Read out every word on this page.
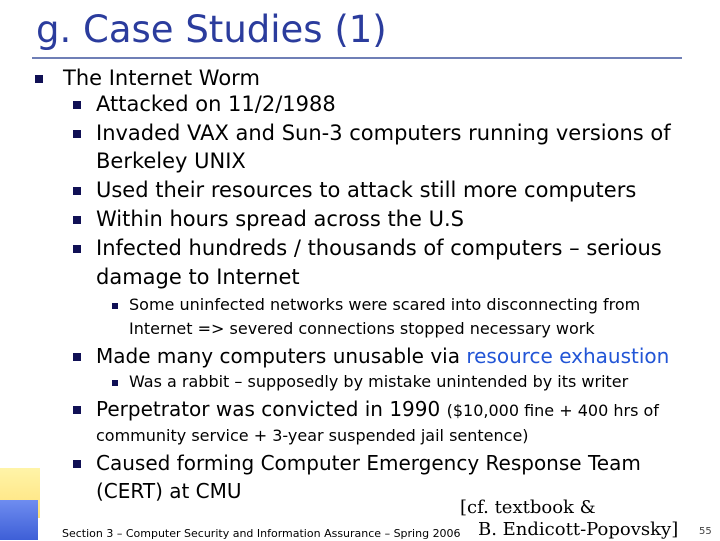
g. Case Studies (1)
The Internet Worm
Attacked on 11/2/1988
Invaded VAX and Sun-3 computers running versions of
Berkeley UNIX
Used their resources to attack still more computers
Within hours spread across the U.S
Infected hundreds / thousands of computers – serious
damage to Internet
Some uninfected networks were scared into disconnecting from
Internet => severed connections stopped necessary work
Made many computers unusable via resource exhaustion
Was a rabbit – supposedly by mistake unintended by its writer
Perpetrator was convicted in 1990 ($10,000 fine + 400 hrs of
community service + 3-year suspended jail sentence)
Caused forming Computer Emergency Response Team
(CERT) at CMU
Section 3 – Computer Security and Information Assurance – Spring 2006
[cf. textbook &
B. Endicott-Popovsky] 55
